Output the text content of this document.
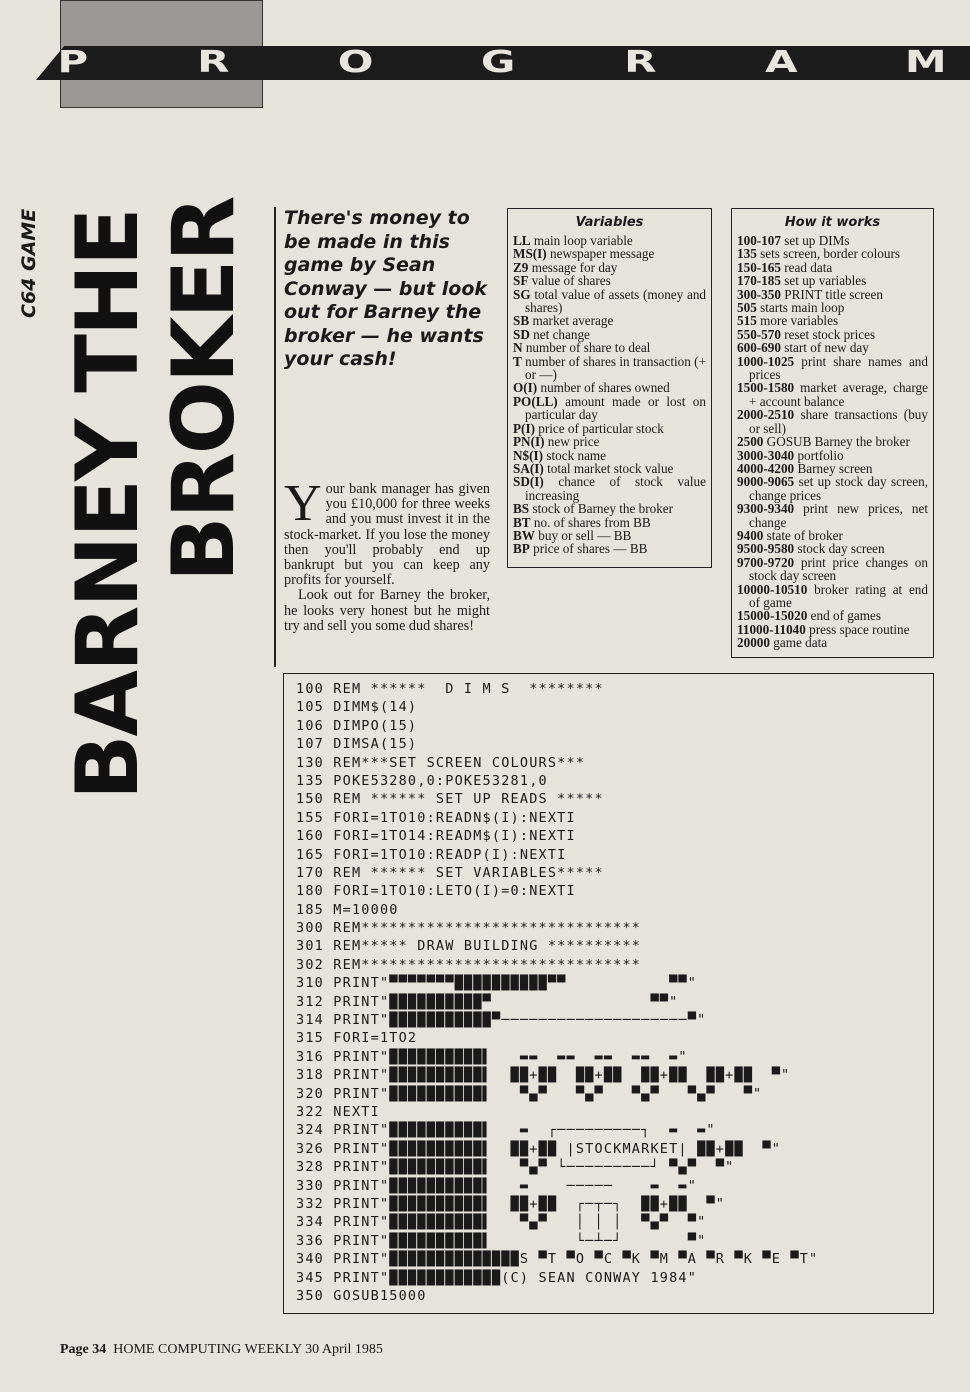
P	R	O	G	R	A	M
C64 GAME BARNEY THE
BROKER There's money to be made in this game by Sean Conway — but look out for Barney the broker — he wants your cash!

Your bank manager has given you £10,000 for three weeks and you must invest it in the stock-market. If you lose the money then you'll probably end up bankrupt but you can keep any profits for yourself.

Look out for Barney the broker, he looks very honest but he might try and sell you some dud shares!

Variables
LL main loop variable
MS(I) newspaper message
Z9 message for day
SF value of shares
SG total value of assets (money and shares)
SB market average
SD net change
N number of share to deal
T number of shares in transaction (+ or —)
O(I) number of shares owned
PO(LL) amount made or lost on particular day
P(I) price of particular stock
PN(I) new price
N$(I) stock name
SA(I) total market stock value
SD(I) chance of stock value increasing
BS stock of Barney the broker
BT no. of shares from BB
BW buy or sell — BB
BP price of shares — BB
How it works
100-107 set up DIMs
135 sets screen, border colours
150-165 read data
170-185 set up variables
300-350 PRINT title screen
505 starts main loop
515 more variables
550-570 reset stock prices
600-690 start of new day
1000-1025 print share names and prices
1500-1580 market average, charge + account balance
2000-2510 share transactions (buy or sell)
2500 GOSUB Barney the broker
3000-3040 portfolio
4000-4200 Barney screen
9000-9065 set up stock day screen, change prices
9300-9340 print new prices, net change
9400 state of broker
9500-9580 stock day screen
9700-9720 print price changes on stock day screen
10000-10510 broker rating at end of game
15000-15020 end of games
11000-11040 press space routine
20000 game data
100 REM ******  D I M S  ********
105 DIMM$(14)
106 DIMPO(15)
107 DIMSA(15)
130 REM***SET SCREEN COLOURS***
135 POKE53280,0:POKE53281,0
150 REM ****** SET UP READS *****
155 FORI=1TO10:READN$(I):NEXTI
160 FORI=1TO14:READM$(I):NEXTI
165 FORI=1TO10:READP(I):NEXTI
170 REM ****** SET VARIABLES*****
180 FORI=1TO10:LETO(I)=0:NEXTI
185 M=10000
300 REM******************************
301 REM***** DRAW BUILDING **********
302 REM******************************
310 PRINT"▀▀▀▀▀▀▀██████████▀▀           ▀▀"
312 PRINT"██████████▀                 ▀▀"
314 PRINT"███████████▀────────────────────▀"
315 FORI=1TO2
316 PRINT"██████████▌   ▬▬  ▬▬  ▬▬  ▬▬  ▬"
318 PRINT"██████████▌  ██+██  ██+██  ██+██  ██+██  ▀"
320 PRINT"██████████▌   ▀▄▀   ▀▄▀   ▀▄▀   ▀▄▀   ▀"
322 NEXTI
324 PRINT"██████████▌   ▬  ┌─────────┐  ▬  ▬"
326 PRINT"██████████▌  ██+██ |STOCKMARKET| ██+██  ▀"
328 PRINT"██████████▌   ▀▄▀ └─────────┘ ▀▄▀  ▀"
330 PRINT"██████████▌   ▬    ─────    ▬  ▬"
332 PRINT"██████████▌  ██+██  ┌─┬─┐  ██+██  ▀"
334 PRINT"██████████▌   ▀▄▀   │ │ │  ▀▄▀  ▀"
336 PRINT"██████████▌         └─┴─┘       ▀"
340 PRINT"██████████████S ▀T ▀O ▀C ▀K ▀M ▀A ▀R ▀K ▀E ▀T"
345 PRINT"████████████(C) SEAN CONWAY 1984"
350 GOSUB15000
Page 34 HOME COMPUTING WEEKLY 30 April 1985
